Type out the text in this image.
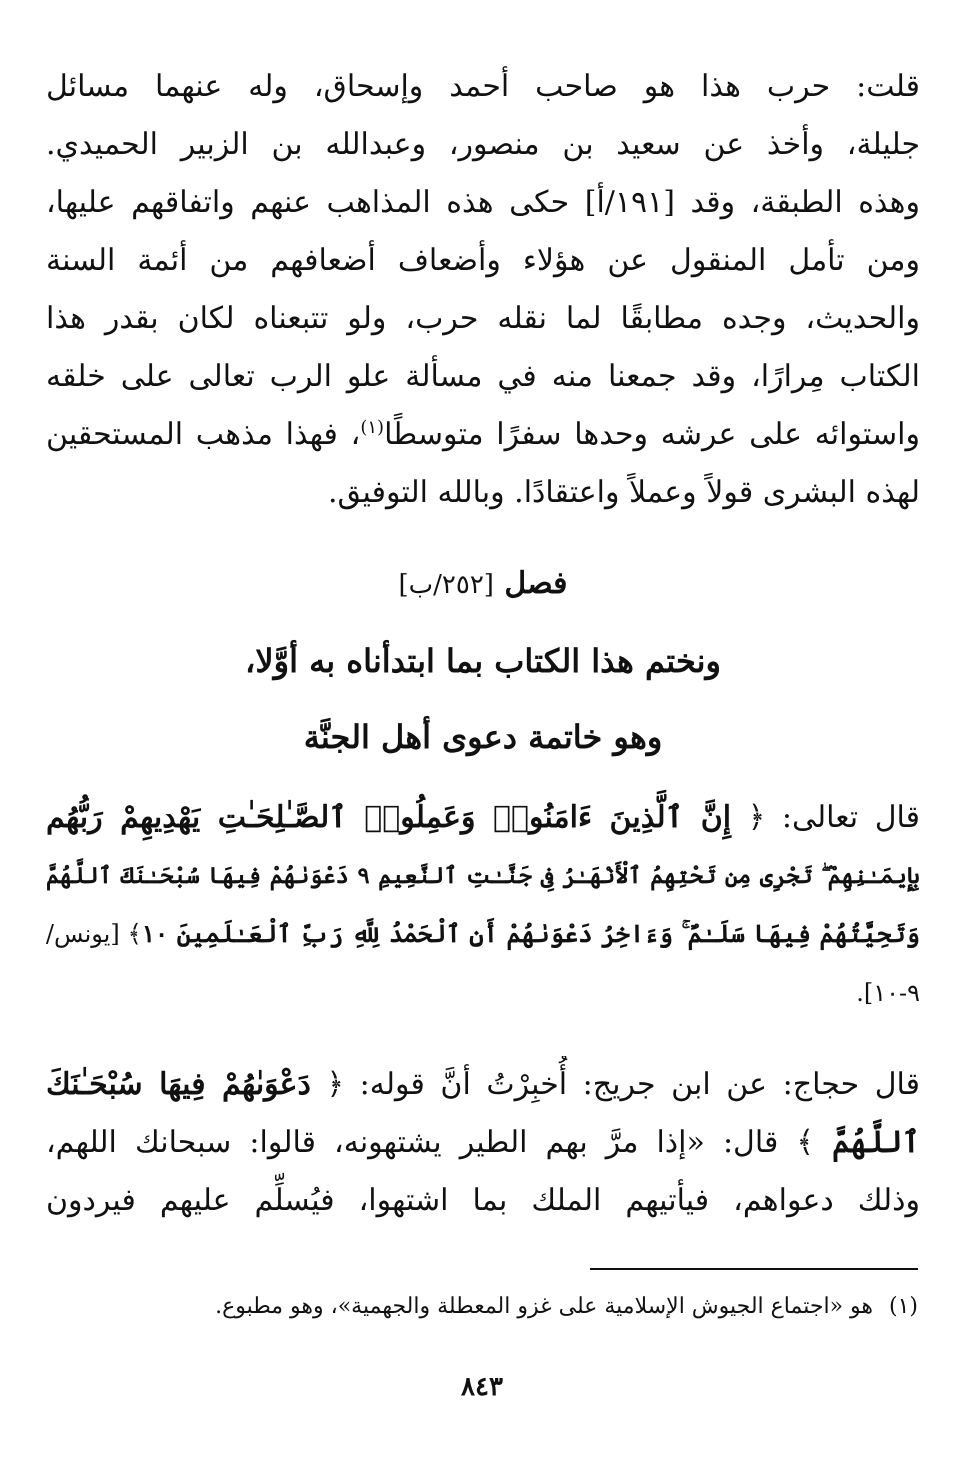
قلت: حرب هذا هو صاحب أحمد وإسحاق، وله عنهما مسائل
جليلة، وأخذ عن سعيد بن منصور، وعبدالله بن الزبير الحميدي.
وهذه الطبقة، وقد [١٩١/أ] حكى هذه المذاهب عنهم واتفاقهم عليها،
ومن تأمل المنقول عن هؤلاء وأضعاف أضعافهم من أئمة السنة
والحديث، وجده مطابقًا لما نقله حرب، ولو تتبعناه لكان بقدر هذا
الكتاب مِرارًا، وقد جمعنا منه في مسألة علو الرب تعالى على خلقه
واستوائه على عرشه وحدها سفرًا متوسطًا$^{(١)}$، فهذا مذهب المستحقين
لهذه البشرى قولاً وعملاً واعتقادًا. وبالله التوفيق.

فصل [٢٥٢/ب]

ونختم هذا الكتاب بما ابتدأناه به أوَّلا،

وهو خاتمة دعوى أهل الجنَّة

قال تعالى: ﴿ إِنَّ ٱلَّذِينَ ءَامَنُوا۟ وَعَمِلُوا۟ ٱلصَّـٰلِحَـٰتِ يَهْدِيهِمْ رَبُّهُم
بِإِيمَـٰنِهِمْ ۖ تَجْرِى مِن تَحْتِهِمُ ٱلْأَنْهَـٰرُ فِى جَنَّـٰتِ ٱلنَّعِيمِ ٩ دَعْوَىٰهُمْ فِيهَا سُبْحَـٰنَكَ ٱللَّهُمَّ
وَتَحِيَّتُهُمْ فِيهَا سَلَـٰمٌ ۚ وَءَاخِرُ دَعْوَىٰهُمْ أَنِ ٱلْحَمْدُ لِلَّهِ رَبِّ ٱلْعَـٰلَمِينَ ١٠﴾ [يونس/
٩-١٠].

قال حجاج: عن ابن جريج: أُخبِرْتُ أنَّ قوله: ﴿ دَعْوَىٰهُمْ فِيهَا سُبْحَـٰنَكَ
ٱللَّهُمَّ ﴾ قال: «إذا مرَّ بهم الطير يشتهونه، قالوا: سبحانك اللهم،
وذلك دعواهم، فيأتيهم الملك بما اشتهوا، فيُسلِّم عليهم فيردون

(١)هو «اجتماع الجيوش الإسلامية على غزو المعطلة والجهمية»، وهو مطبوع.
٨٤٣
